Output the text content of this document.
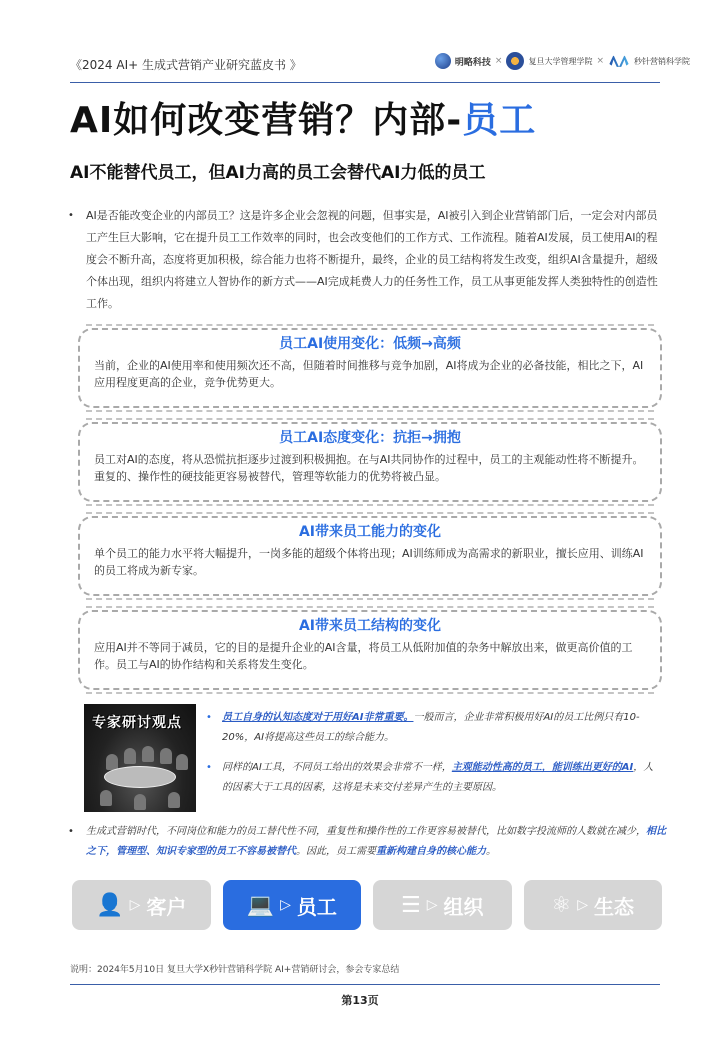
《2024 AI+ 生成式营销产业研究蓝皮书 》	明略科技 ×	复旦大学管理学院 ×	秒针营销科学院
AI如何改变营销？内部-员工
AI不能替代员工，但AI力高的员工会替代AI力低的员工
• AI是否能改变企业的内部员工？这是许多企业会忽视的问题，但事实是，AI被引入到企业营销部门后，一定会对内部员工产生巨大影响，它在提升员工工作效率的同时，也会改变他们的工作方式、工作流程。随着AI发展，员工使用AI的程度会不断升高，态度将更加积极，综合能力也将不断提升，最终，企业的员工结构将发生改变，组织AI含量提升，超级个体出现，组织内将建立人智协作的新方式——AI完成耗费人力的任务性工作，员工从事更能发挥人类独特性的创造性工作。
员工AI使用变化：低频→高频
当前，企业的AI使用率和使用频次还不高，但随着时间推移与竞争加剧，AI将成为企业的必备技能，相比之下，AI应用程度更高的企业，竞争优势更大。
员工AI态度变化：抗拒→拥抱
员工对AI的态度，将从恐慌抗拒逐步过渡到积极拥抱。在与AI共同协作的过程中，员工的主观能动性将不断提升。重复的、操作性的硬技能更容易被替代，管理等软能力的优势将被凸显。
AI带来员工能力的变化
单个员工的能力水平将大幅提升，一岗多能的超级个体将出现；AI训练师成为高需求的新职业，擅长应用、训练AI的员工将成为新专家。
AI带来员工结构的变化
应用AI并不等同于减员，它的目的是提升企业的AI含量，将员工从低附加值的杂务中解放出来，做更高价值的工作。员工与AI的协作结构和关系将发生变化。
专家研讨观点 • 员工自身的认知态度对于用好AI非常重要。一般而言，企业非常积极用好AI的员工比例只有10-20%，AI将提高这些员工的综合能力。
• 同样的AI工具，不同员工给出的效果会非常不一样，主观能动性高的员工，能训练出更好的AI，人的因素大于工具的因素，这将是未来交付差异产生的主要原因。
• 生成式营销时代，不同岗位和能力的员工替代性不同，重复性和操作性的工作更容易被替代，比如数字投流师的人数就在减少，相比之下，管理型、知识专家型的员工不容易被替代。因此，员工需要重新构建自身的核心能力。
👤 ▷ 客户	💻 ▷ 员工	☰ ▷ 组织	⚛ ▷ 生态
说明：2024年5月10日 复旦大学X秒针营销科学院 AI+营销研讨会，参会专家总结
第13页
